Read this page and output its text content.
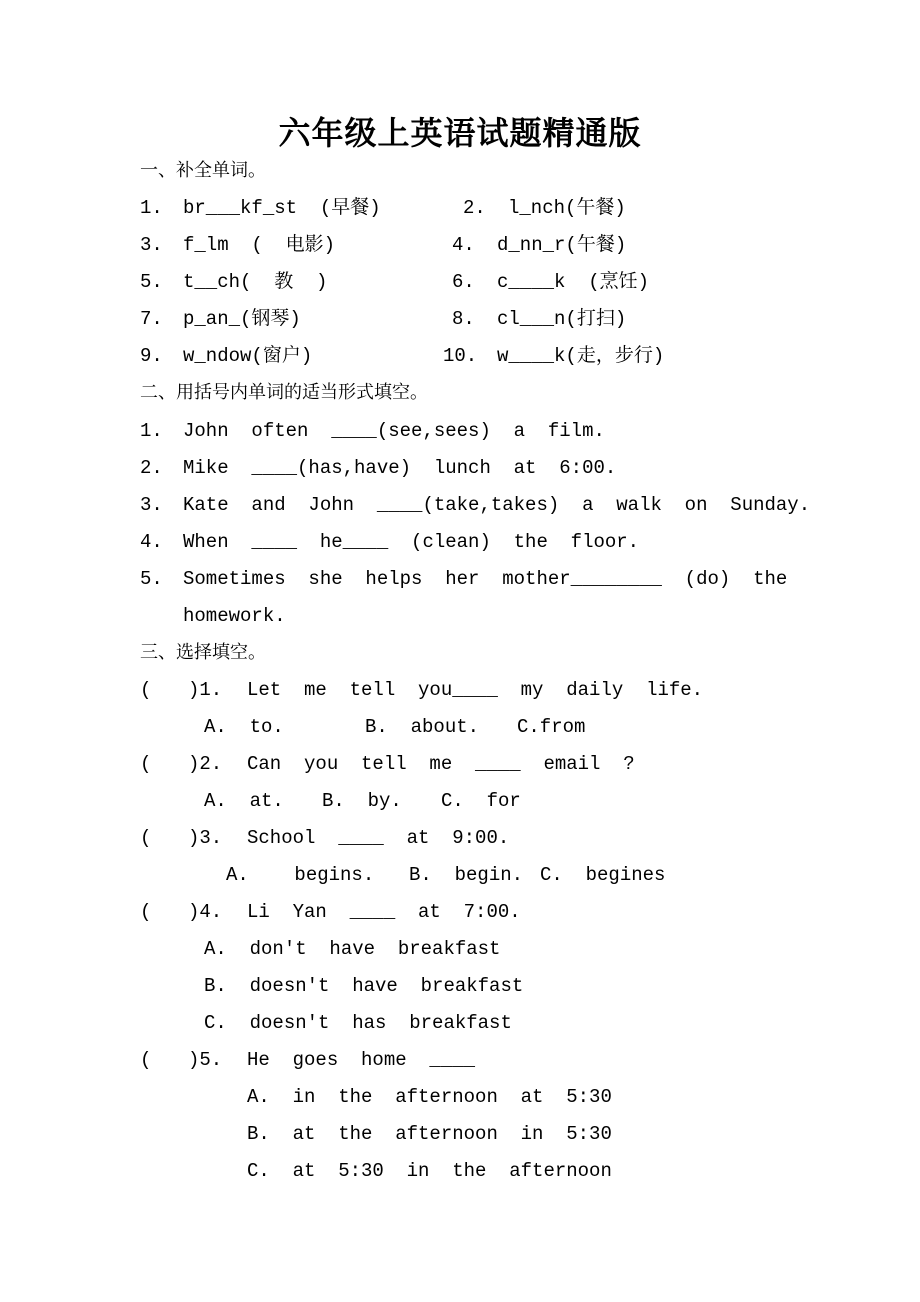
六年级上英语试题精通版
一、补全单词。
1. br___kf_st  (早餐)	2. l_nch(午餐)
3. f_lm  (  电影)	4. d_nn_r(午餐)
5. t__ch(  教  )	6. c____k  (烹饪)
7. p_an_(钢琴)	8. cl___n(打扫)
9. w_ndow(窗户)	10. w____k(走，步行)
二、用括号内单词的适当形式填空。
1. John  often  ____(see,sees)  a  film.
2. Mike  ____(has,have)  lunch  at  6:00.
3. Kate  and  John  ____(take,takes)  a  walk  on  Sunday.
4. When  ____  he____  (clean)  the  floor.
5. Sometimes  she  helps  her  mother________  (do)  the
homework.
三、选择填空。
( )1. Let  me  tell  you____  my  daily  life.
A.  to.	B.  about. C.from
( )2. Can  you  tell  me  ____  email  ?
A.  at. B.  by. C.  for
( )3. School  ____  at  9:00.
A.    begins. B.  begin. C.  begines
( )4. Li  Yan  ____  at  7:00.
A.  don't  have  breakfast
B.  doesn't  have  breakfast
C.  doesn't  has  breakfast
( )5. He  goes  home  ____
A.  in  the  afternoon  at  5:30
B.  at  the  afternoon  in  5:30
C.  at  5:30  in  the  afternoon
